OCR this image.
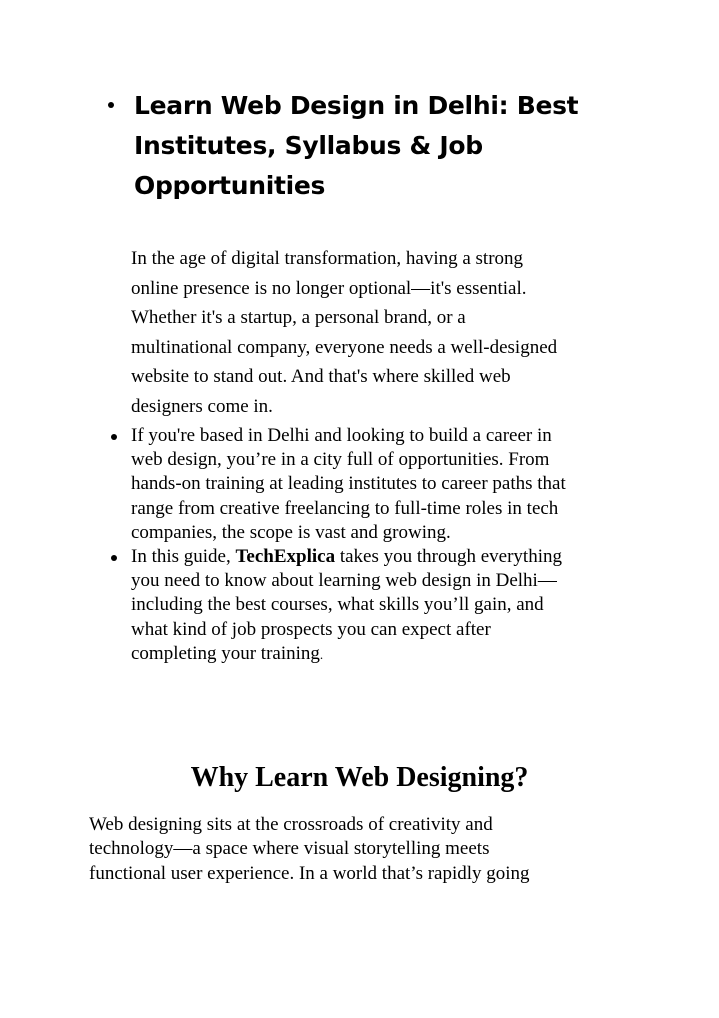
Learn Web Design in Delhi: Best
Institutes, Syllabus & Job
Opportunities
In the age of digital transformation, having a strong
online presence is no longer optional—it's essential.
Whether it's a startup, a personal brand, or a
multinational company, everyone needs a well-designed
website to stand out. And that's where skilled web
designers come in.
If you're based in Delhi and looking to build a career in
web design, you’re in a city full of opportunities. From
hands-on training at leading institutes to career paths that
range from creative freelancing to full-time roles in tech
companies, the scope is vast and growing.
In this guide, TechExplica takes you through everything
you need to know about learning web design in Delhi—
including the best courses, what skills you’ll gain, and
what kind of job prospects you can expect after
completing your training.
Why Learn Web Designing?
Web designing sits at the crossroads of creativity and
technology—a space where visual storytelling meets
functional user experience. In a world that’s rapidly going
